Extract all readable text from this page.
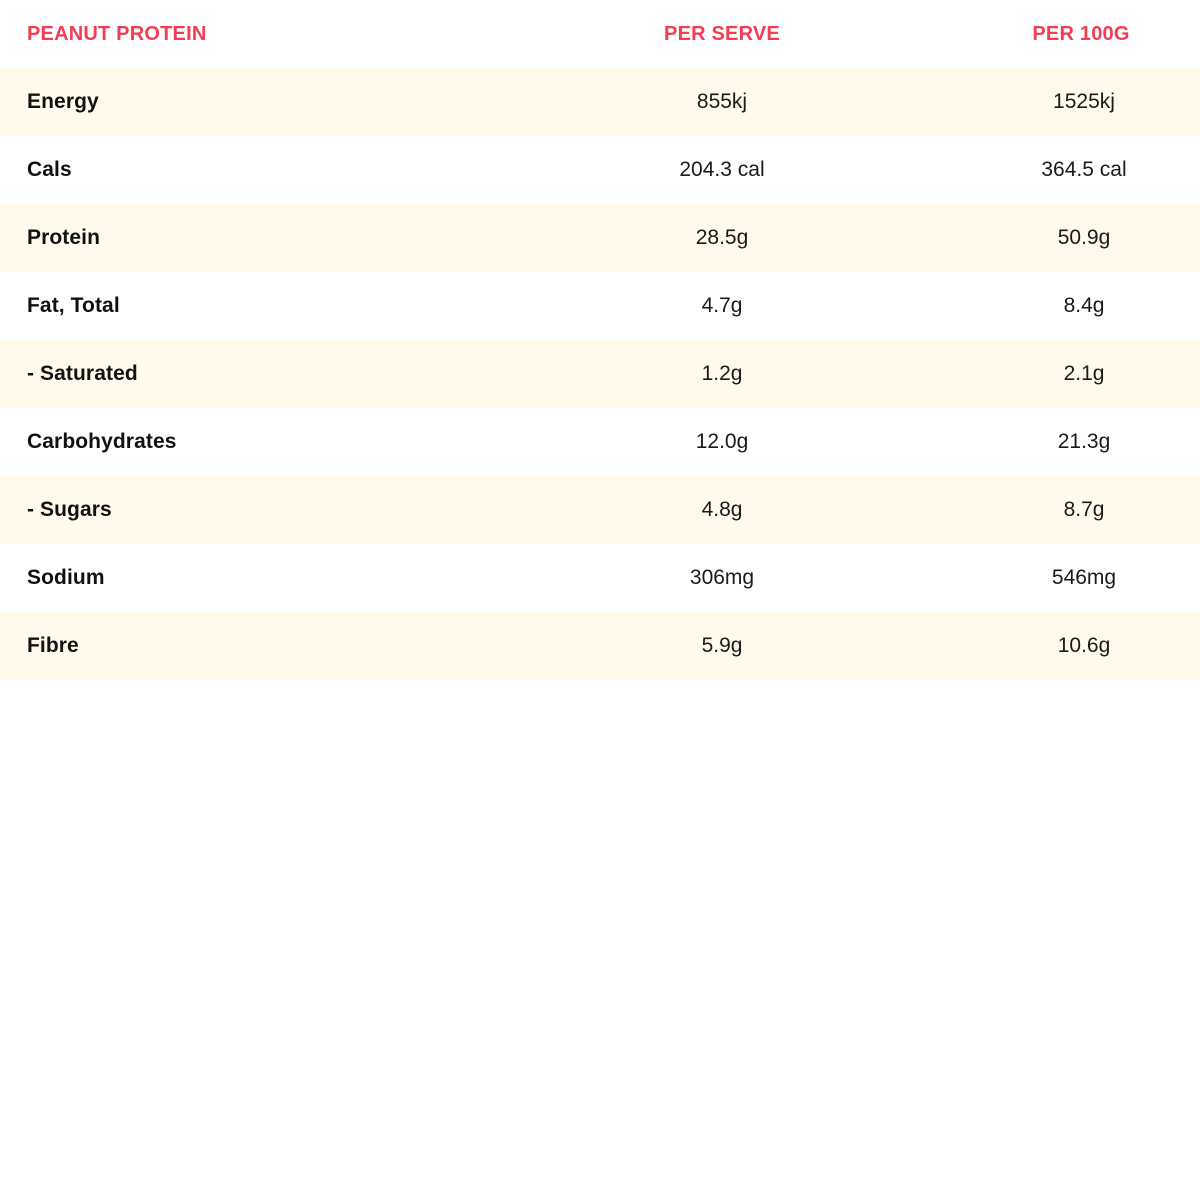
PEANUT PROTEIN	PER SERVE	PER 100G
Energy	855kj	1525kj
Cals	204.3 cal	364.5 cal
Protein	28.5g	50.9g
Fat, Total	4.7g	8.4g
- Saturated	1.2g	2.1g
Carbohydrates	12.0g	21.3g
- Sugars	4.8g	8.7g
Sodium	306mg	546mg
Fibre	5.9g	10.6g
